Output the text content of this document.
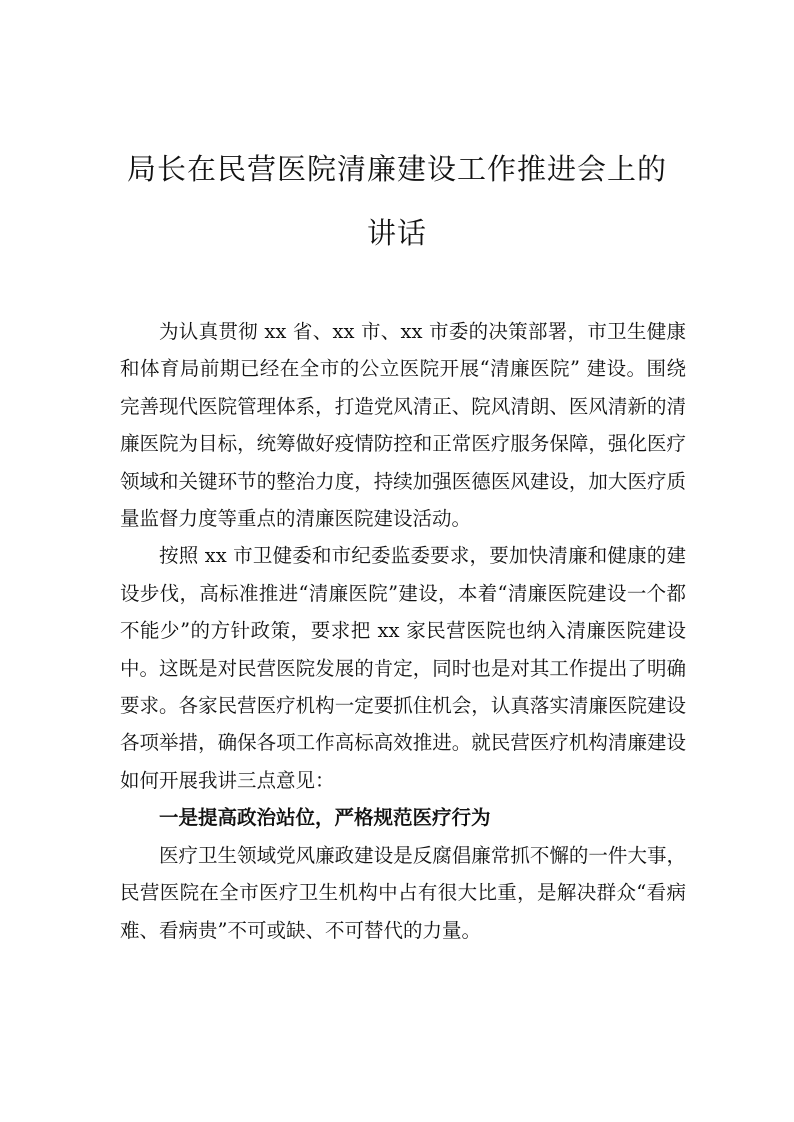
局长在民营医院清廉建设工作推进会上的
讲话

为认真贯彻 xx 省、xx 市、xx 市委的决策部署，市卫生健康和体育局前期已经在全市的公立医院开展“清廉医院” 建设。围绕完善现代医院管理体系，打造党风清正、院风清朗、医风清新的清廉医院为目标，统筹做好疫情防控和正常医疗服务保障，强化医疗领域和关键环节的整治力度，持续加强医德医风建设，加大医疗质量监督力度等重点的清廉医院建设活动。

按照 xx 市卫健委和市纪委监委要求，要加快清廉和健康的建设步伐，高标准推进“清廉医院”建设，本着“清廉医院建设一个都不能少”的方针政策，要求把 xx 家民营医院也纳入清廉医院建设中。这既是对民营医院发展的肯定，同时也是对其工作提出了明确要求。各家民营医疗机构一定要抓住机会，认真落实清廉医院建设各项举措，确保各项工作高标高效推进。就民营医疗机构清廉建设如何开展我讲三点意见：

一是提高政治站位，严格规范医疗行为

医疗卫生领域党风廉政建设是反腐倡廉常抓不懈的一件大事，民营医院在全市医疗卫生机构中占有很大比重，是解决群众“看病难、看病贵”不可或缺、不可替代的力量。
